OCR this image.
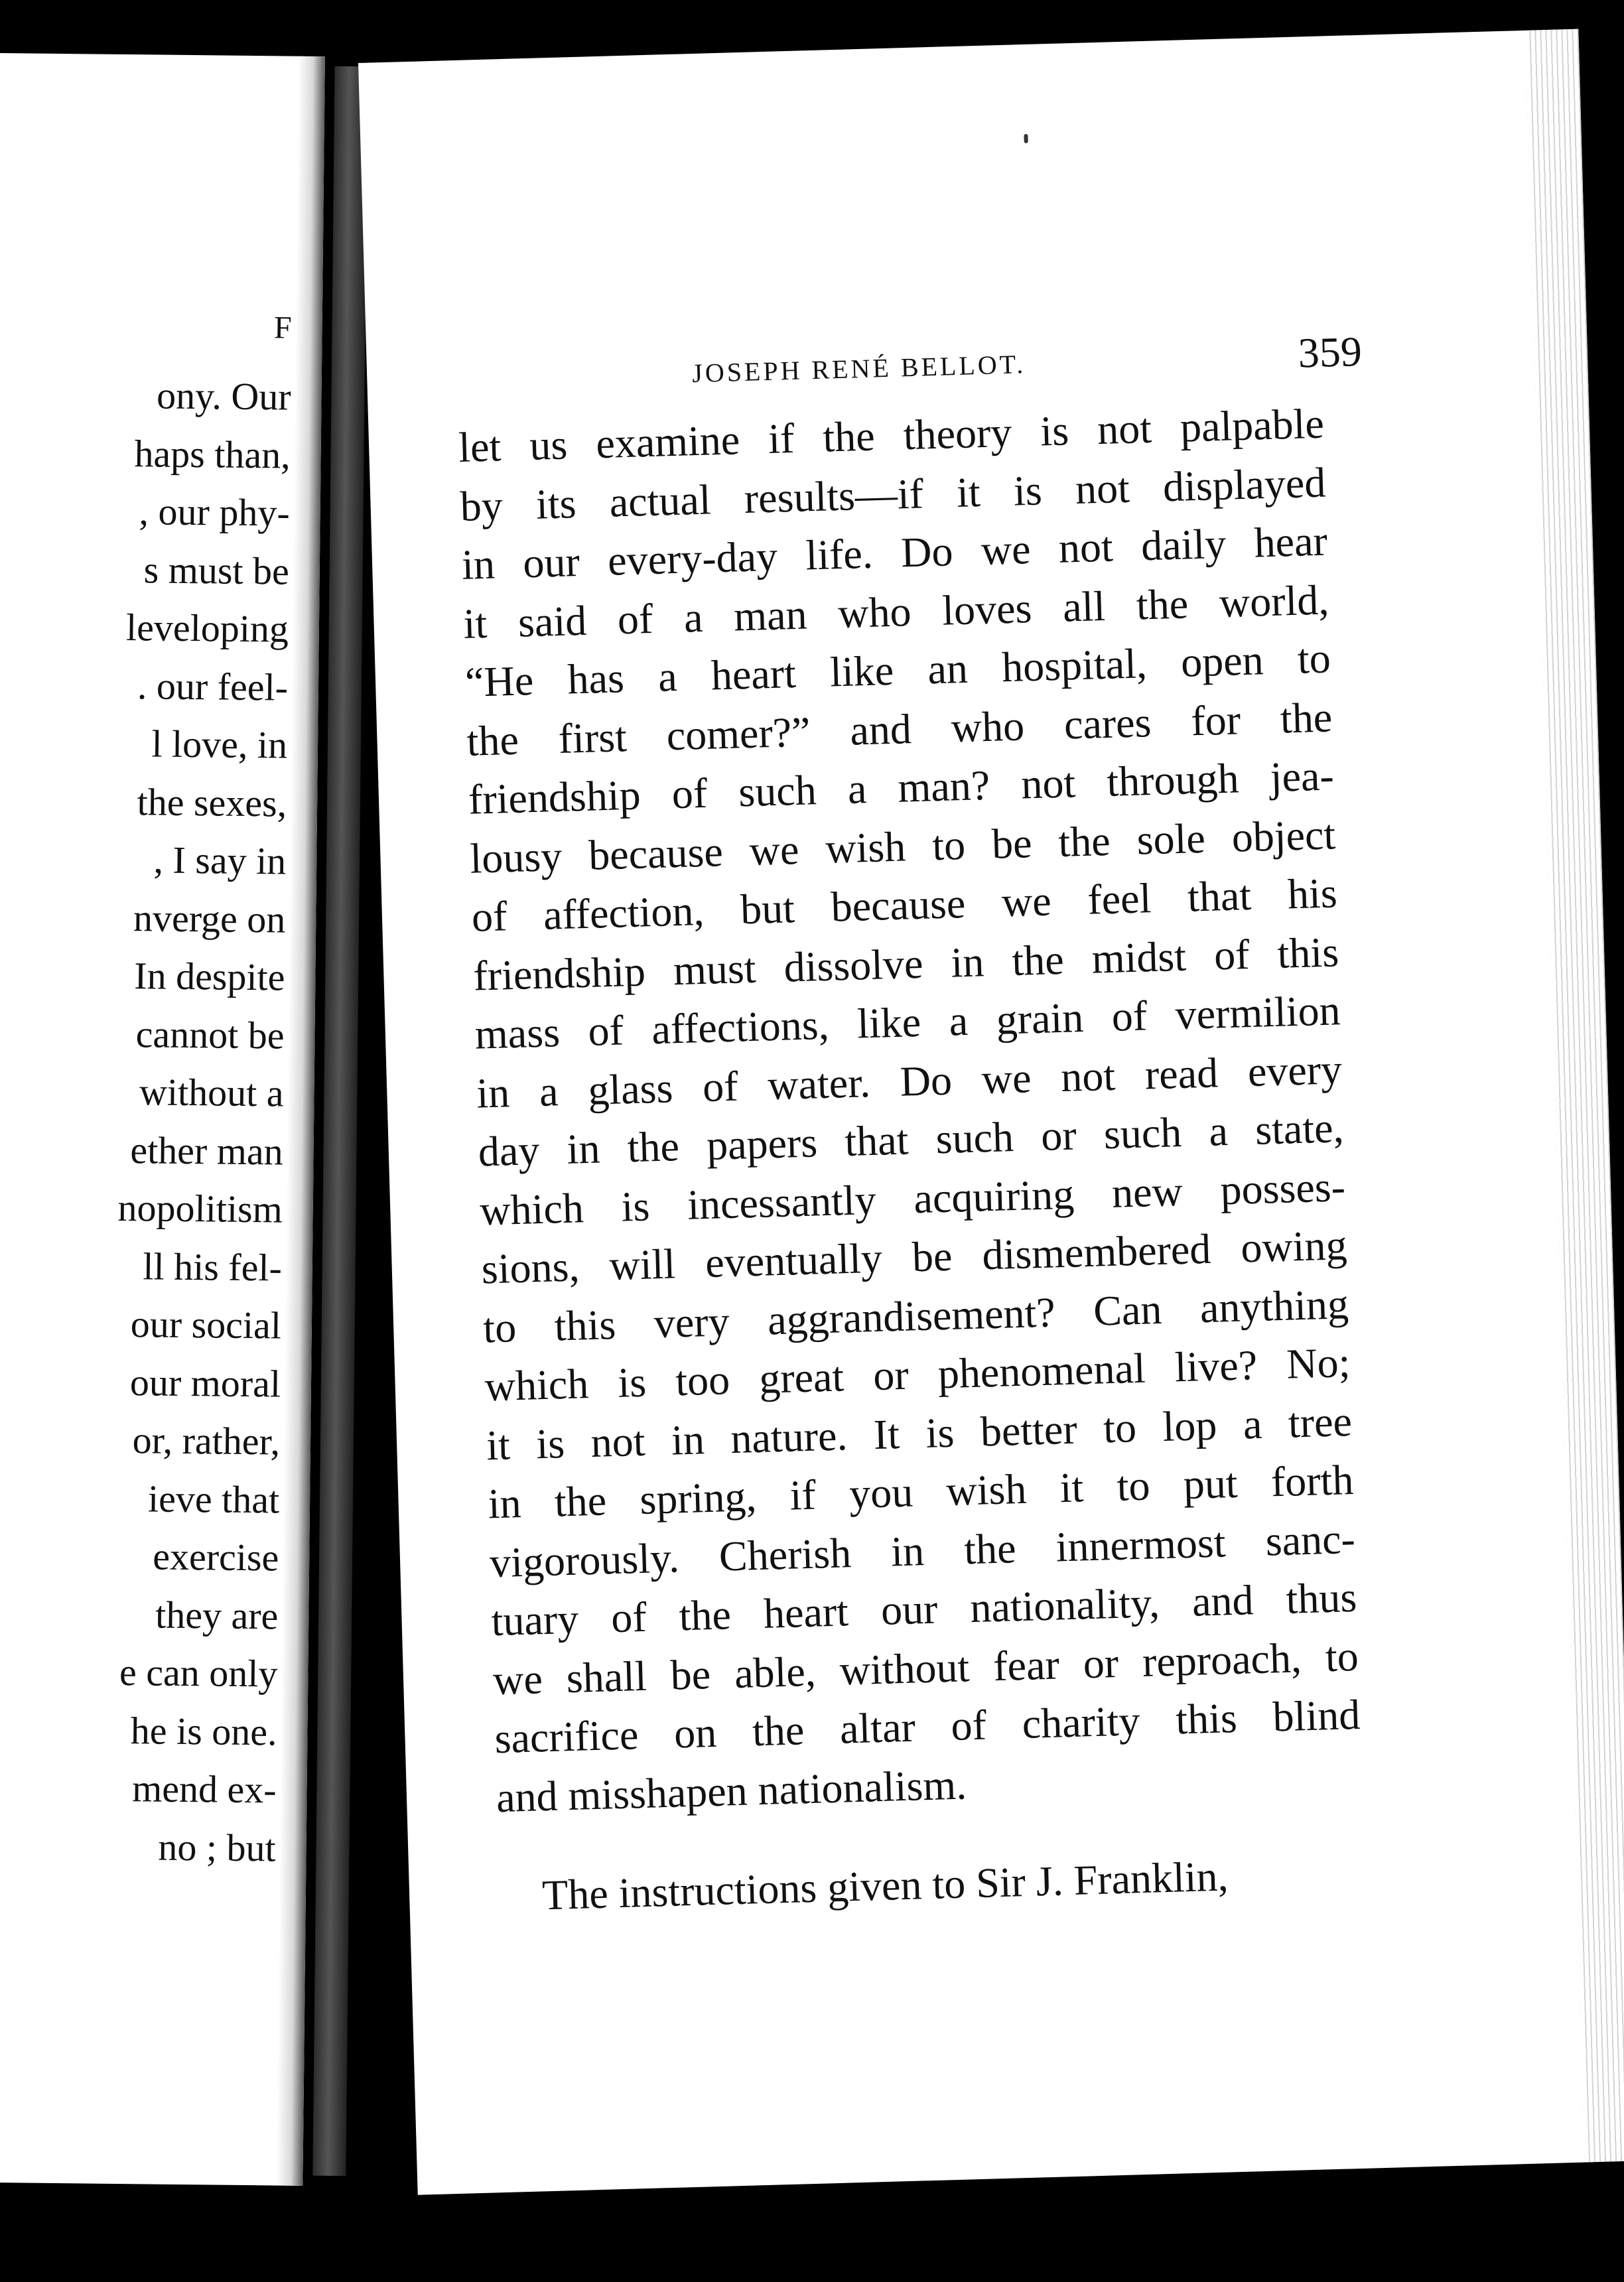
F
ony. Our
haps than,
, our phy-
s must be
leveloping
. our feel-
l love, in
the sexes,
, I say in
nverge on
In despite
cannot be
without a
ether man
nopolitism
ll his fel-
our social
our moral
or, rather,
ieve that
exercise
they are
e can only
he is one.
mend ex-
no ; but
JOSEPH RENÉ BELLOT.	359
let us examine if the theory is not palpable
by its actual results—if it is not displayed
in our every-day life. Do we not daily hear
it said of a man who loves all the world,
“He has a heart like an hospital, open to
the first comer?” and who cares for the
friendship of such a man? not through jea-
lousy because we wish to be the sole object
of affection, but because we feel that his
friendship must dissolve in the midst of this
mass of affections, like a grain of vermilion
in a glass of water. Do we not read every
day in the papers that such or such a state,
which is incessantly acquiring new posses-
sions, will eventually be dismembered owing
to this very aggrandisement? Can anything
which is too great or phenomenal live? No;
it is not in nature. It is better to lop a tree
in the spring, if you wish it to put forth
vigorously. Cherish in the innermost sanc-
tuary of the heart our nationality, and thus
we shall be able, without fear or reproach, to
sacrifice on the altar of charity this blind
and misshapen nationalism.
The instructions given to Sir J. Franklin,
